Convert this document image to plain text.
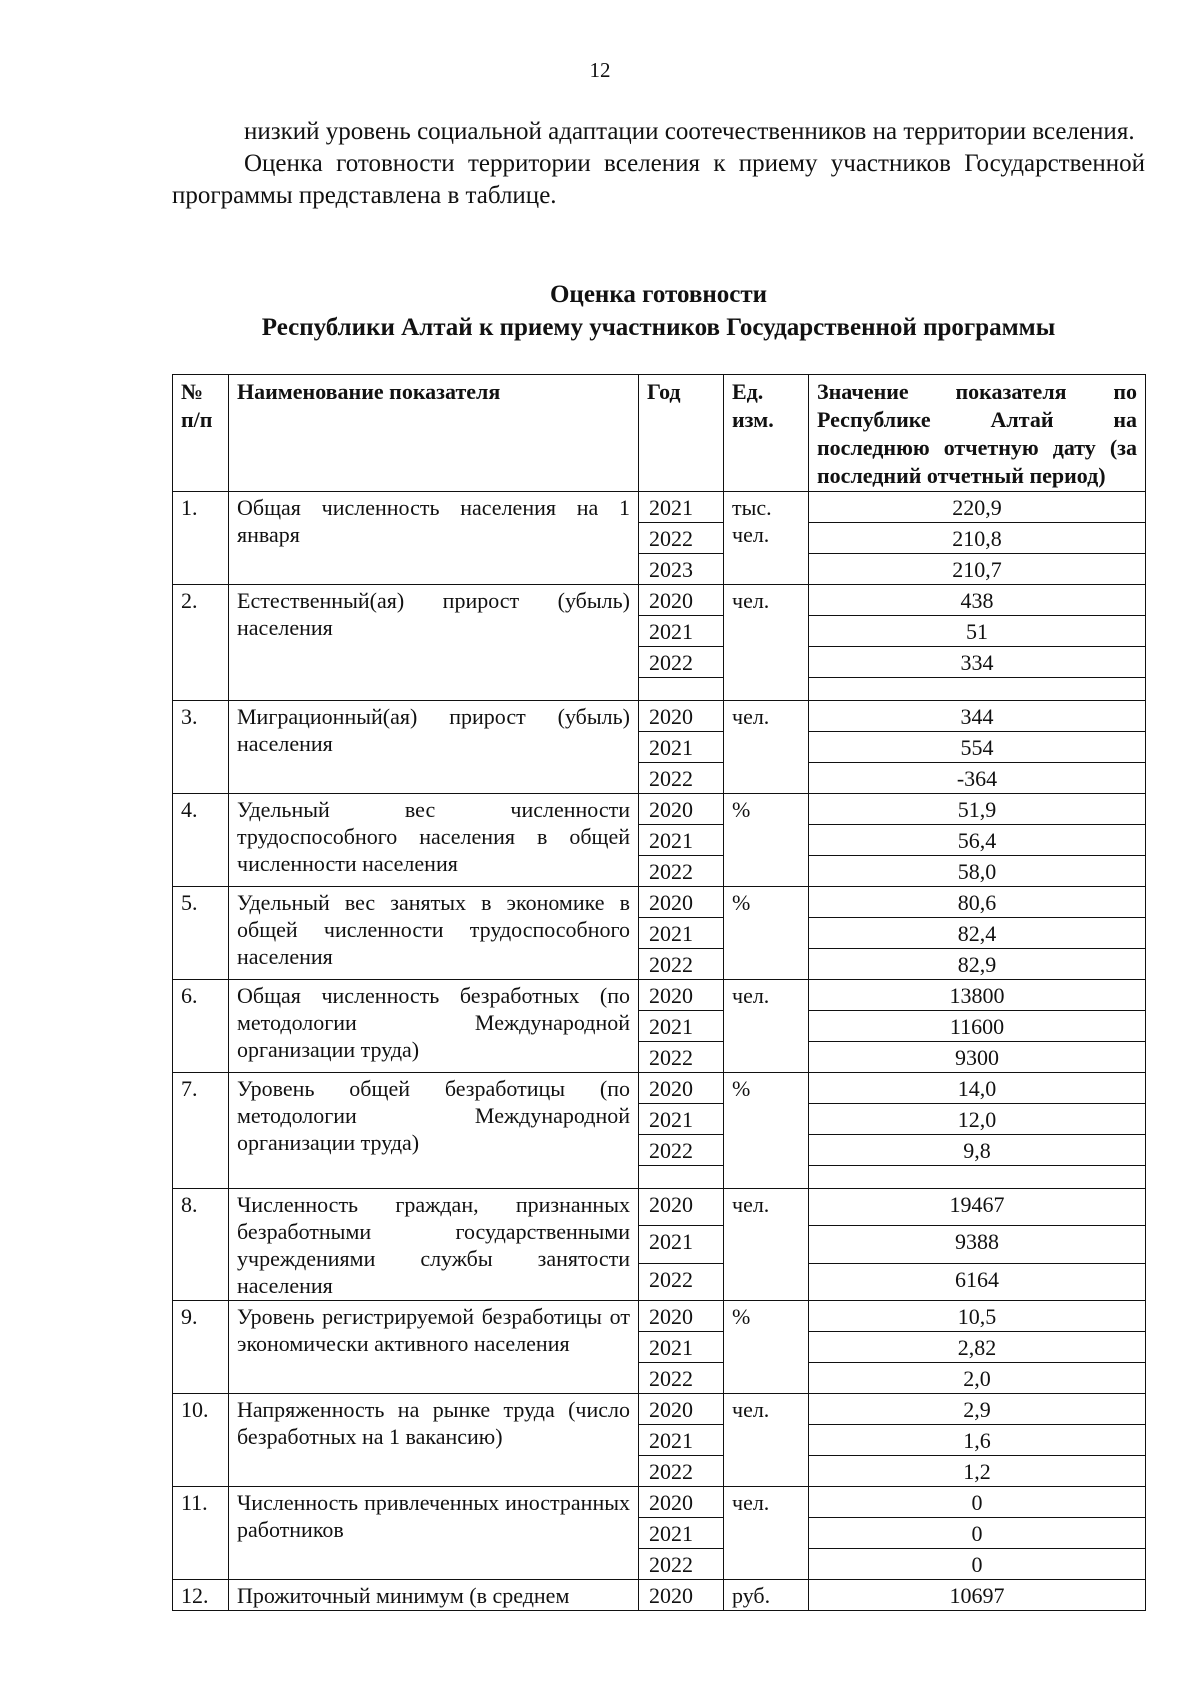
12

низкий уровень социальной адаптации соотечественников на территории вселения.

Оценка готовности территории вселения к приему участников Государственной программы представлена в таблице.

Оценка готовности
Республики Алтай к приему участников Государственной программы
№ п/п	Наименование показателя	Год	Ед. изм.	Значение показателя по Республике Алтай на последнюю отчетную дату (за последний отчетный период)
1.	Общая численность населения на 1 января	2021	тыс. чел.	220,9
		2022		210,8
		2023		210,7
2.	Естественный(ая) прирост (убыль) населения	2020	чел.	438
		2021		51
		2022		334

3.	Миграционный(ая) прирост (убыль) населения	2020	чел.	344
		2021		554
		2022		-364
4.	Удельный вес численности трудоспособного населения в общей численности населения	2020	%	51,9
		2021		56,4
		2022		58,0
5.	Удельный вес занятых в экономике в общей численности трудоспособного населения	2020	%	80,6
		2021		82,4
		2022		82,9
6.	Общая численность безработных (по методологии Международной организации труда)	2020	чел.	13800
		2021		11600
		2022		9300
7.	Уровень общей безработицы (по методологии Международной организации труда)	2020	%	14,0
		2021		12,0
		2022		9,8

8.	Численность граждан, признанных безработными государственными учреждениями службы занятости населения	2020	чел.	19467
		2021		9388
		2022		6164
9.	Уровень регистрируемой безработицы от экономически активного населения	2020	%	10,5
		2021		2,82
		2022		2,0
10.	Напряженность на рынке труда (число безработных на 1 вакансию)	2020	чел.	2,9
		2021		1,6
		2022		1,2
11.	Численность привлеченных иностранных работников	2020	чел.	0
		2021		0
		2022		0
12.	Прожиточный минимум (в среднем	2020	руб.	10697
